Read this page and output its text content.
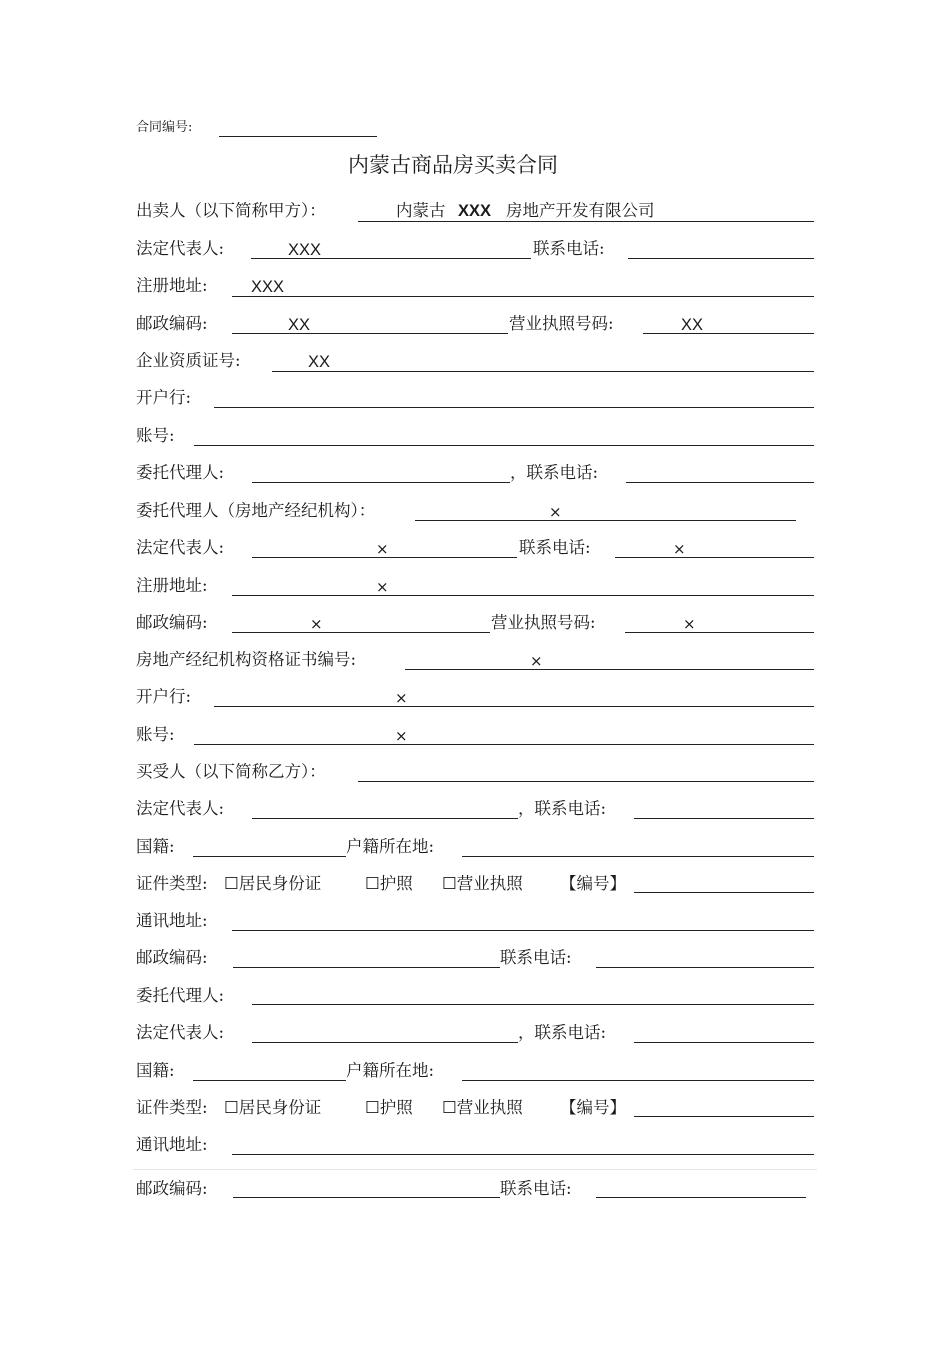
合同编号:
内蒙古商品房买卖合同
出卖人（以下简称甲方）：	内蒙古 XXX 房地产开发有限公司
法定代表人:	XXX	联系电话:
注册地址:	XXX
邮政编码:	XX	营业执照号码:	XX
企业资质证号:	XX
开户行:
账号:
委托代理人:	，联系电话:
委托代理人（房地产经纪机构）：	×
法定代表人:	×	联系电话:	×
注册地址:	×
邮政编码:	×	营业执照号码:	×
房地产经纪机构资格证书编号:	×
开户行:	×
账号:	×
买受人（以下简称乙方）：
法定代表人:	，联系电话:
国籍:	户籍所在地:
证件类型: ☐居民身份证	☐护照 ☐营业执照 【编号】
通讯地址:
邮政编码:	联系电话:
委托代理人:
法定代表人:	，联系电话:
国籍:	户籍所在地:
证件类型: ☐居民身份证	☐护照 ☐营业执照 【编号】
通讯地址:
邮政编码:	联系电话:
